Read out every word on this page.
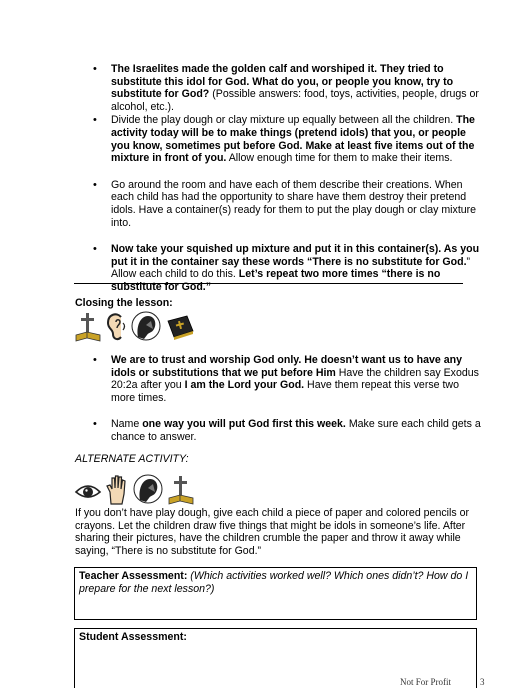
• The Israelites made the golden calf and worshiped it. They tried to substitute this idol for God. What do you, or people you know, try to substitute for God? (Possible answers: food, toys, activities, people, drugs or alcohol, etc.).
• Divide the play dough or clay mixture up equally between all the children. The activity today will be to make things (pretend idols) that you, or people you know, sometimes put before God. Make at least five items out of the mixture in front of you. Allow enough time for them to make their items.
• Go around the room and have each of them describe their creations. When each child has had the opportunity to share have them destroy their pretend idols. Have a container(s) ready for them to put the play dough or clay mixture into.
• Now take your squished up mixture and put it in this container(s). As you put it in the container say these words “There is no substitute for God.” Allow each child to do this. Let’s repeat two more times “there is no substitute for God.”
Closing the lesson:
• We are to trust and worship God only. He doesn’t want us to have any idols or substitutions that we put before Him Have the children say Exodus 20:2a after you I am the Lord your God. Have them repeat this verse two more times.
• Name one way you will put God first this week. Make sure each child gets a chance to answer.
ALTERNATE ACTIVITY:
If you don’t have play dough, give each child a piece of paper and colored pencils or crayons. Let the children draw five things that might be idols in someone’s life. After sharing their pictures, have the children crumble the paper and throw it away while saying, “There is no substitute for God.”
Teacher Assessment: (Which activities worked well? Which ones didn’t? How do I prepare for the next lesson?)
Student Assessment:
Not For Profit	3
